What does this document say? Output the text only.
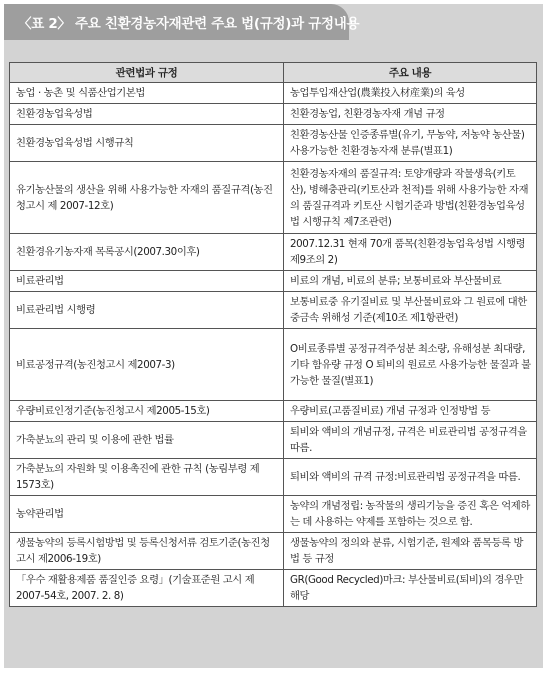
〈표 2〉 주요 친환경농자재관련 주요 법(규정)과 규정내용
관련법과 규정	주요 내용
농업 · 농촌 및 식품산업기본법	농업투입재산업(農業投入材産業)의 육성
친환경농업육성법	친환경농업, 친환경농자재 개념 규정
친환경농업육성법 시행규칙	친환경농산물 인증종류별(유기, 무농약, 저농약 농산물) 사용가능한 친환경농자재 분류(별표1)
유기농산물의 생산을 위해 사용가능한 자재의 품질규격(농진청고시 제 2007-12호)	친환경농자재의 품질규격: 토양개량과 작물생육(키토산), 병해충관리(키토산과 천적)를 위해 사용가능한 자재의 품질규격과 키토산 시험기준과 방법(친환경농업육성법 시행규칙 제7조관련)
친환경유기농자재 목록공시(2007.30이후)	2007.12.31 현재 70개 품목(친환경농업육성법 시행령 제9조의 2)
비료관리법	비료의 개념, 비료의 분류; 보통비료와 부산물비료
비료관리법 시행령	보통비료중 유기질비료 및 부산물비료와 그 원료에 대한 중금속 위해성 기준(제10조 제1항관련)
비료공정규격(농진청고시 제2007-3)	O비료종류별 공정규격주성분 최소량, 유해성분 최대량, 기타 함유량 규정 O 퇴비의 원료로 사용가능한 물질과 불가능한 물질(별표1)
우량비료인정기준(농진청고시 제2005-15호)	우량비료(고품질비료) 개념 규정과 인정방법 등
가축분뇨의 관리 및 이용에 관한 법률	퇴비와 액비의 개념규정, 규격은 비료관리법 공정규격을 따름.
가축분뇨의 자원화 및 이용촉진에 관한 규칙 (농림부령 제1573호)	퇴비와 액비의 규격 규정:비료관리법 공정규격을 따름.
농약관리법	농약의 개념정립: 농작물의 생리기능을 증진 혹은 억제하는 데 사용하는 약제를 포함하는 것으로 함.
생물농약의 등록시험방법 및 등록신청서류 검토기준(농진청고시 제2006-19호)	생물농약의 정의와 분류, 시험기준, 원제와 품목등록 방법 등 규정
「우수 재활용제품 품질인증 요령」(기술표준원 고시 제2007-54호, 2007. 2. 8)	GR(Good Recycled)마크: 부산물비료(퇴비)의 경우만 해당
